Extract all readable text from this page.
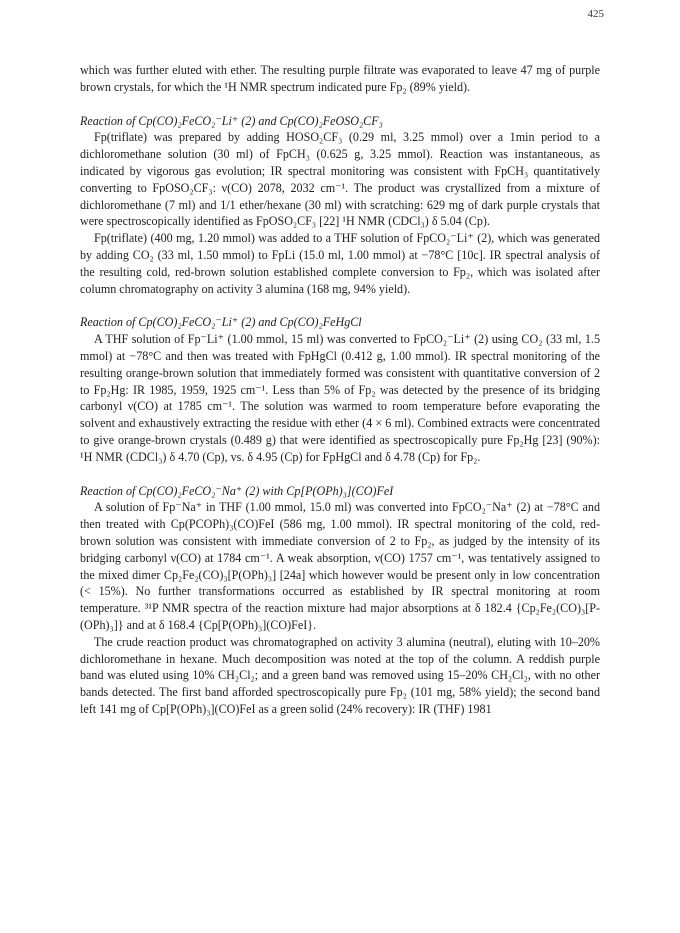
425

which was further eluted with ether. The resulting purple filtrate was evaporated to leave 47 mg of purple brown crystals, for which the ¹H NMR spectrum indicated pure Fp₂ (89% yield).

Reaction of Cp(CO)₂FeCO₂⁻Li⁺ (2) and Cp(CO)₂FeOSO₂CF₃

Fp(triflate) was prepared by adding HOSO₂CF₃ (0.29 ml, 3.25 mmol) over a 1min period to a dichloromethane solution (30 ml) of FpCH₃ (0.625 g, 3.25 mmol). Reaction was instantaneous, as indicated by vigorous gas evolution; IR spectral monitoring was consistent with FpCH₃ quantitatively converting to FpOSO₂CF₃: ν(CO) 2078, 2032 cm⁻¹. The product was crystallized from a mixture of dichloromethane (7 ml) and 1/1 ether/hexane (30 ml) with scratching: 629 mg of dark purple crystals that were spectroscopically identified as FpOSO₂CF₃ [22] ¹H NMR (CDCl₃) δ 5.04 (Cp).

Fp(triflate) (400 mg, 1.20 mmol) was added to a THF solution of FpCO₂⁻Li⁺ (2), which was generated by adding CO₂ (33 ml, 1.50 mmol) to FpLi (15.0 ml, 1.00 mmol) at −78°C [10c]. IR spectral analysis of the resulting cold, red-brown solution established complete conversion to Fp₂, which was isolated after column chromatography on activity 3 alumina (168 mg, 94% yield).

Reaction of Cp(CO)₂FeCO₂⁻Li⁺ (2) and Cp(CO)₂FeHgCl

A THF solution of Fp⁻Li⁺ (1.00 mmol, 15 ml) was converted to FpCO₂⁻Li⁺ (2) using CO₂ (33 ml, 1.5 mmol) at −78°C and then was treated with FpHgCl (0.412 g, 1.00 mmol). IR spectral monitoring of the resulting orange-brown solution that immediately formed was consistent with quantitative conversion of 2 to Fp₂Hg: IR 1985, 1959, 1925 cm⁻¹. Less than 5% of Fp₂ was detected by the presence of its bridging carbonyl ν(CO) at 1785 cm⁻¹. The solution was warmed to room temperature before evaporating the solvent and exhaustively extracting the residue with ether (4 × 6 ml). Combined extracts were concentrated to give orange-brown crystals (0.489 g) that were identified as spectroscopically pure Fp₂Hg [23] (90%): ¹H NMR (CDCl₃) δ 4.70 (Cp), vs. δ 4.95 (Cp) for FpHgCl and δ 4.78 (Cp) for Fp₂.

Reaction of Cp(CO)₂FeCO₂⁻Na⁺ (2) with Cp[P(OPh)₃](CO)FeI

A solution of Fp⁻Na⁺ in THF (1.00 mmol, 15.0 ml) was converted into FpCO₂⁻Na⁺ (2) at −78°C and then treated with Cp(PCOPh)₃(CO)FeI (586 mg, 1.00 mmol). IR spectral monitoring of the cold, red-brown solution was consistent with immediate conversion of 2 to Fp₂, as judged by the intensity of its bridging carbonyl ν(CO) at 1784 cm⁻¹. A weak absorption, ν(CO) 1757 cm⁻¹, was tentatively assigned to the mixed dimer Cp₂Fe₂(CO)₃[P(OPh)₃] [24a] which however would be present only in low concentration (< 15%). No further transformations occurred as established by IR spectral monitoring at room temperature. ³¹P NMR spectra of the reaction mixture had major absorptions at δ 182.4 {Cp₂Fe₂(CO)₃[P-(OPh)₃]} and at δ 168.4 {Cp[P(OPh)₃](CO)FeI}.

The crude reaction product was chromatographed on activity 3 alumina (neutral), eluting with 10–20% dichloromethane in hexane. Much decomposition was noted at the top of the column. A reddish purple band was eluted using 10% CH₂Cl₂; and a green band was removed using 15–20% CH₂Cl₂, with no other bands detected. The first band afforded spectroscopically pure Fp₂ (101 mg, 58% yield); the second band left 141 mg of Cp[P(OPh)₃](CO)FeI as a green solid (24% recovery): IR (THF) 1981
